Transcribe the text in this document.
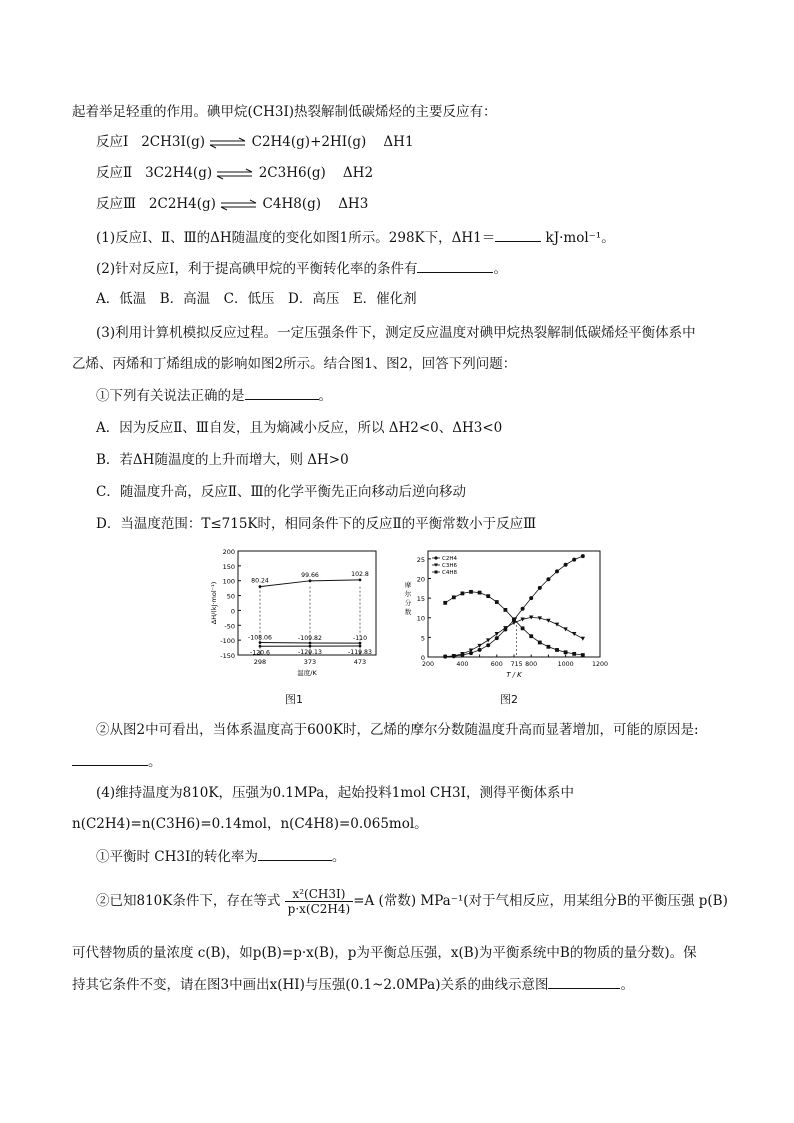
起着举足轻重的作用。碘甲烷(CH3I)热裂解制低碳烯烃的主要反应有：
反应Ⅰ 2CH3I(g) ⇌ C2H4(g)+2HI(g) ΔH1
反应Ⅱ 3C2H4(g) ⇌ 2C3H6(g) ΔH2
反应Ⅲ 2C2H4(g) ⇌ C4H8(g) ΔH3
(1)反应Ⅰ、Ⅱ、Ⅲ的ΔH随温度的变化如图1所示。298K下，ΔH1＝	kJ·mol⁻¹。
(2)针对反应Ⅰ，利于提高碘甲烷的平衡转化率的条件有	。
A．低温　B．高温　C．低压　D．高压　E．催化剂
(3)利用计算机模拟反应过程。一定压强条件下，测定反应温度对碘甲烷热裂解制低碳烯烃平衡体系中
乙烯、丙烯和丁烯组成的影响如图2所示。结合图1、图2，回答下列问题：
①下列有关说法正确的是	。
A．因为反应Ⅱ、Ⅲ自发，且为熵减小反应，所以 ΔH2<0、ΔH3<0
B．若ΔH随温度的上升而增大，则 ΔH>0
C．随温度升高，反应Ⅱ、Ⅲ的化学平衡先正向移动后逆向移动
D．当温度范围：T≤715K时，相同条件下的反应Ⅱ的平衡常数小于反应Ⅲ
200
150
100
50
0
-50
-100
-150
298	373	473
80.24
99.66	102.8
-108.06	-109.82	-110
-120.6	-120.13	-119.83
温度/K
ΔH/(kJ·mol⁻¹)
图1
0
5
10
15
20
25
200	400	600 715 800	1000	1200
C2H4
C3H6
C4H8
T / K
摩
尔
分
数
图2
②从图2中可看出，当体系温度高于600K时，乙烯的摩尔分数随温度升高而显著增加，可能的原因是:
。
(4)维持温度为810K，压强为0.1MPa，起始投料1mol CH3I，测得平衡体系中
n(C2H4)=n(C3H6)=0.14mol，n(C4H8)=0.065mol。
①平衡时 CH3I的转化率为	。
②已知810K条件下，存在等式 $\frac{\text{x²(CH3I)}}{p\cdot x(C2H4)} =A$ (常数) MPa⁻¹(对于气相反应，用某组分B的平衡压强 p(B)
可代替物质的量浓度 c(B)，如p(B)=p·x(B)，p为平衡总压强，x(B)为平衡系统中B的物质的量分数)。保
持其它条件不变，请在图3中画出x(HI)与压强(0.1~2.0MPa)关系的曲线示意图	。
